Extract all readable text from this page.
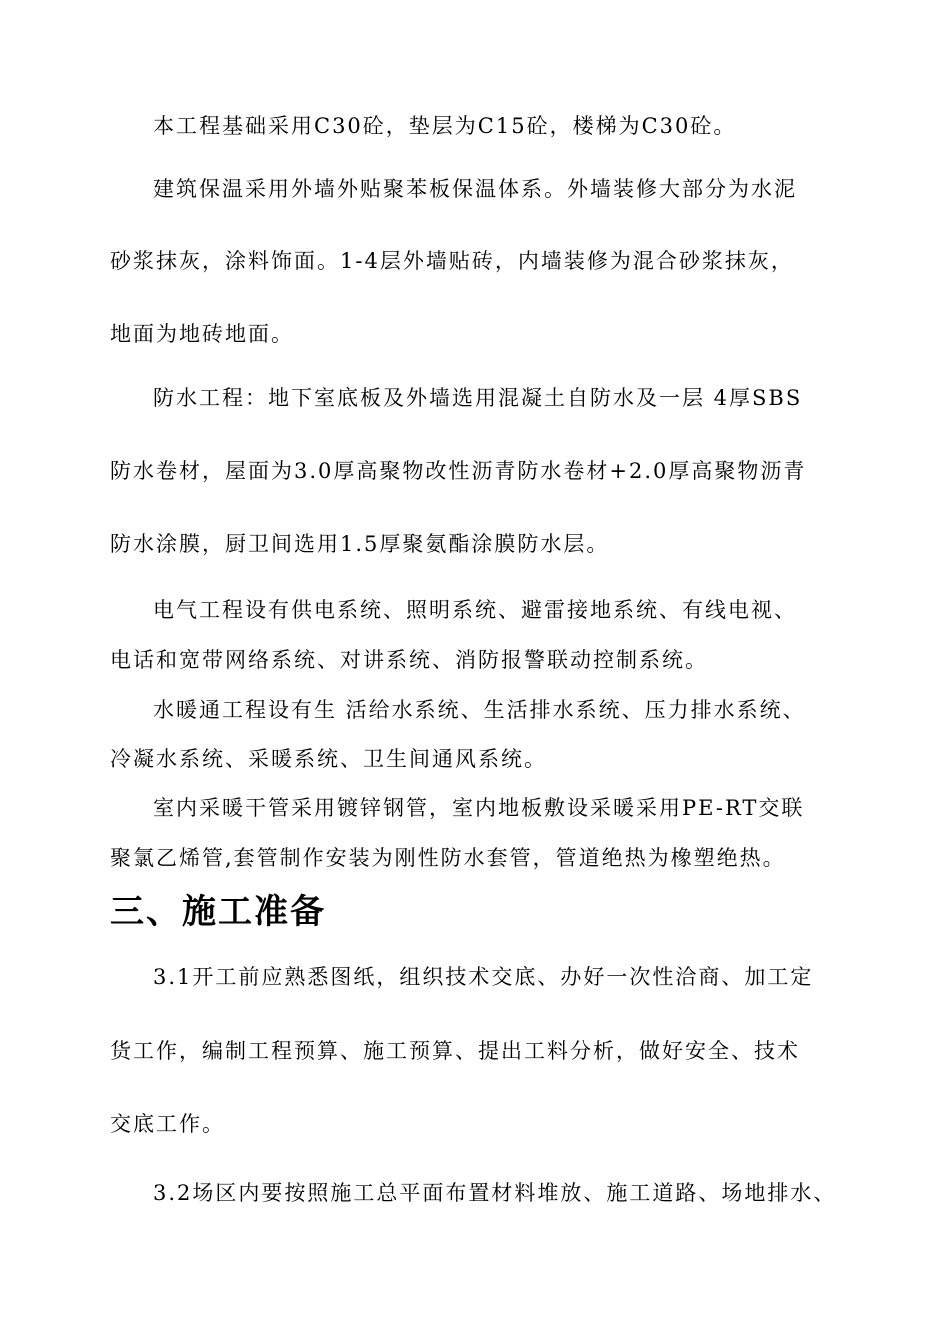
本工程基础采用C30砼，垫层为C15砼，楼梯为C30砼。
建筑保温采用外墙外贴聚苯板保温体系。外墙装修大部分为水泥
砂浆抹灰，涂料饰面。1-4层外墙贴砖，内墙装修为混合砂浆抹灰，
地面为地砖地面。
防水工程：地下室底板及外墙选用混凝土自防水及一层 4厚SBS
防水卷材，屋面为3.0厚高聚物改性沥青防水卷材+2.0厚高聚物沥青
防水涂膜，厨卫间选用1.5厚聚氨酯涂膜防水层。
电气工程设有供电系统、照明系统、避雷接地系统、有线电视、
电话和宽带网络系统、对讲系统、消防报警联动控制系统。
水暖通工程设有生 活给水系统、生活排水系统、压力排水系统、
冷凝水系统、采暖系统、卫生间通风系统。
室内采暖干管采用镀锌钢管，室内地板敷设采暖采用PE-RT交联
聚氯乙烯管,套管制作安装为刚性防水套管，管道绝热为橡塑绝热。
三、施工准备
3.1开工前应熟悉图纸，组织技术交底、办好一次性洽商、加工定
货工作，编制工程预算、施工预算、提出工料分析，做好安全、技术
交底工作。
3.2场区内要按照施工总平面布置材料堆放、施工道路、场地排水、
